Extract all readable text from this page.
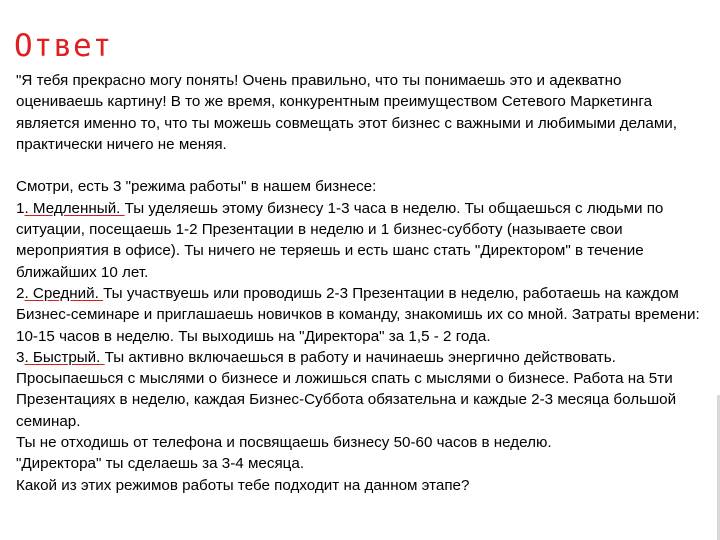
Ответ

"Я тебя прекрасно могу понять! Очень правильно, что ты понимаешь это и адекватно оцениваешь картину! В то же время, конкурентным преимуществом Сетевого Маркетинга является именно то, что ты можешь совмещать этот бизнес с важными и любимыми делами, практически ничего не меняя.

Смотри, есть 3 "режима работы" в нашем бизнесе:

1. Медленный. Ты уделяешь этому бизнесу 1-3 часа в неделю. Ты общаешься с людьми по ситуации, посещаешь 1-2 Презентации в неделю и 1 бизнес-субботу (называете свои мероприятия в офисе). Ты ничего не теряешь и есть шанс стать "Директором" в течение ближайших 10 лет.

2. Средний. Ты участвуешь или проводишь 2-3 Презентации в неделю, работаешь на каждом Бизнес-семинаре и приглашаешь новичков в команду, знакомишь их со мной. Затраты времени: 10-15 часов в неделю. Ты выходишь на "Директора" за 1,5 - 2 года.

3. Быстрый. Ты активно включаешься в работу и начинаешь энергично действовать. Просыпаешься с мыслями о бизнесе и ложишься спать с мыслями о бизнесе. Работа на 5ти Презентациях в неделю, каждая Бизнес-Суббота обязательна и каждые 2-3 месяца большой семинар.

Ты не отходишь от телефона и посвящаешь бизнесу 50-60 часов в неделю.

"Директора" ты сделаешь за 3-4 месяца.

Какой из этих режимов работы тебе подходит на данном этапе?
